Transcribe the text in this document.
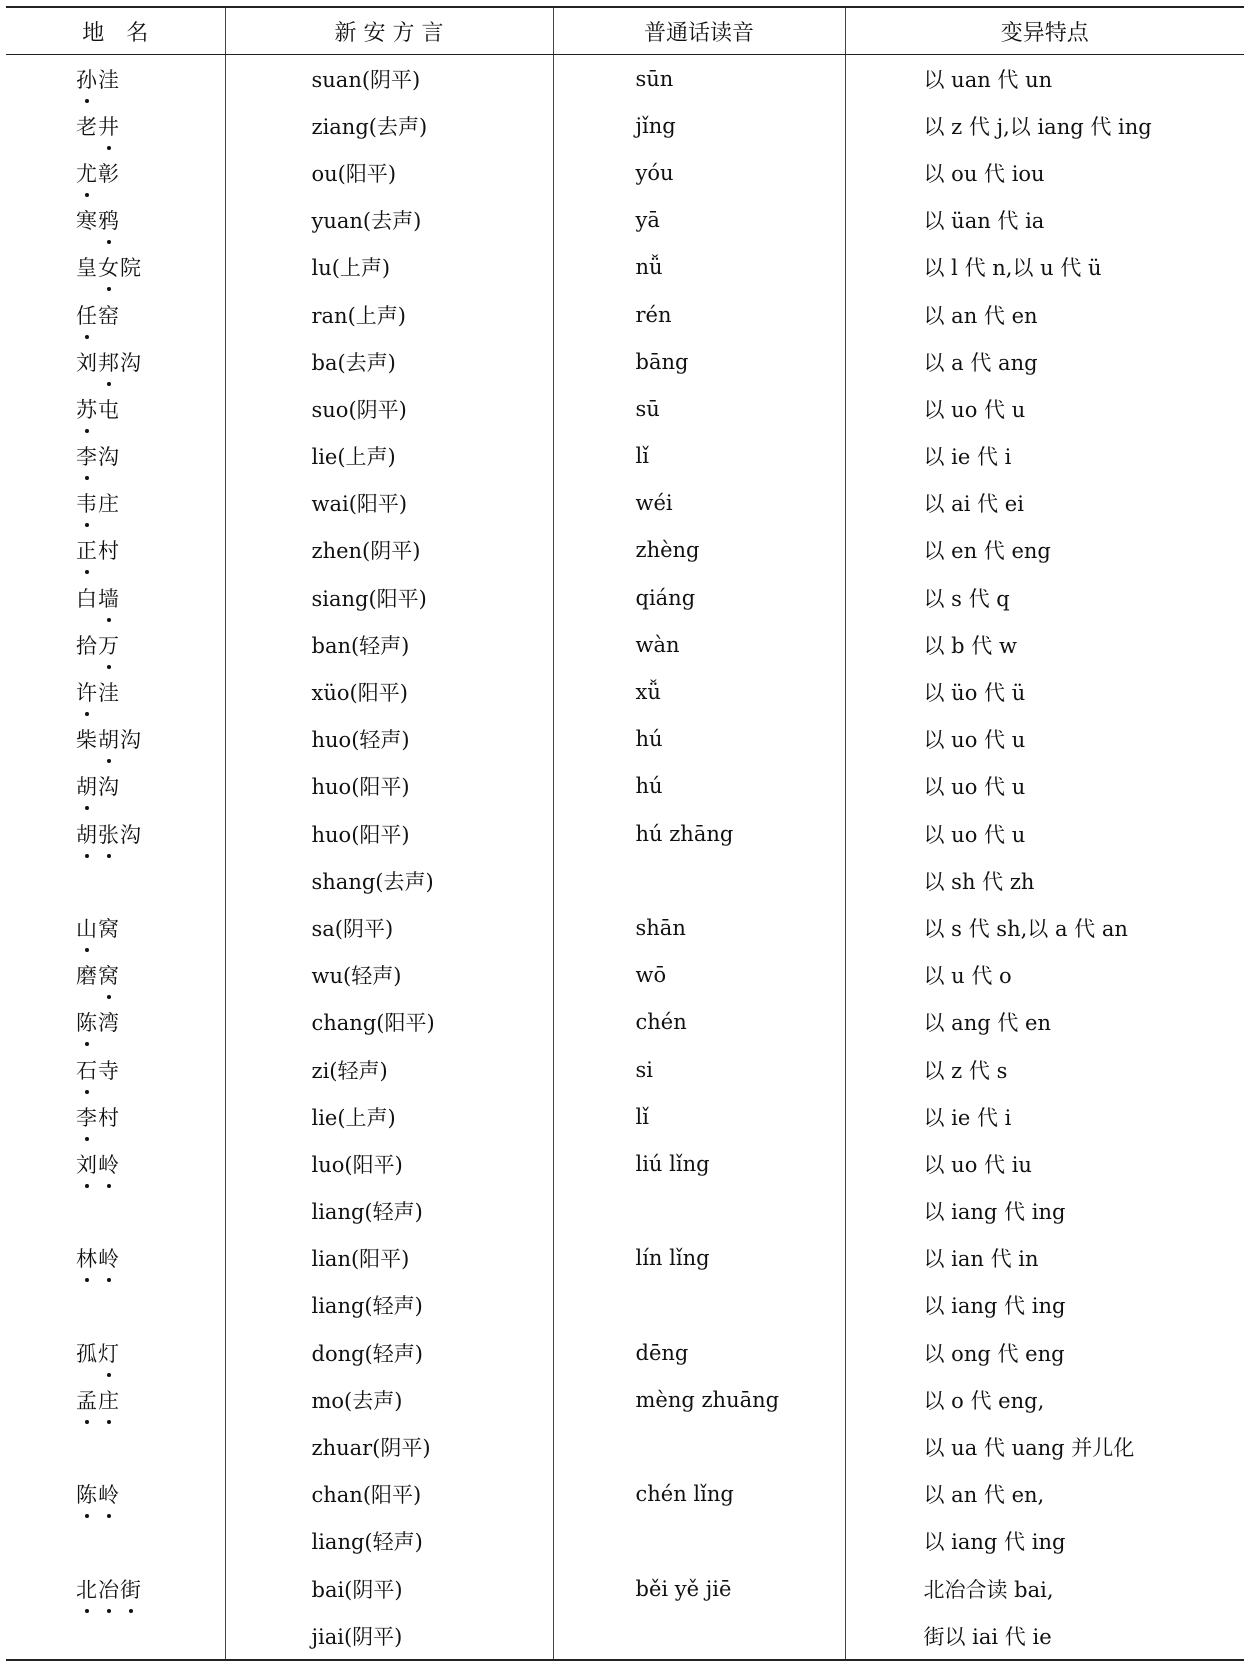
地　名	新 安 方 言	普通话读音	变异特点
孙洼	suan(阴平)	sūn	以 uan 代 un
老井	ziang(去声)	jǐng	以 z 代 j,以 iang 代 ing
尤彰	ou(阳平)	yóu	以 ou 代 iou
寒鸦	yuan(去声)	yā	以 üan 代 ia
皇女院	lu(上声)	nǚ	以 l 代 n,以 u 代 ü
任窑	ran(上声)	rén	以 an 代 en
刘邦沟	ba(去声)	bāng	以 a 代 ang
苏屯	suo(阴平)	sū	以 uo 代 u
李沟	lie(上声)	lǐ	以 ie 代 i
韦庄	wai(阳平)	wéi	以 ai 代 ei
正村	zhen(阴平)	zhèng	以 en 代 eng
白墙	siang(阳平)	qiáng	以 s 代 q
拾万	ban(轻声)	wàn	以 b 代 w
许洼	xüo(阳平)	xǚ	以 üo 代 ü
柴胡沟	huo(轻声)	hú	以 uo 代 u
胡沟	huo(阳平)	hú	以 uo 代 u
胡张沟	huo(阳平)	hú zhāng	以 uo 代 u
	shang(去声)		以 sh 代 zh
山窝	sa(阴平)	shān	以 s 代 sh,以 a 代 an
磨窝	wu(轻声)	wō	以 u 代 o
陈湾	chang(阳平)	chén	以 ang 代 en
石寺	zi(轻声)	si	以 z 代 s
李村	lie(上声)	lǐ	以 ie 代 i
刘岭	luo(阳平)	liú lǐng	以 uo 代 iu
	liang(轻声)		以 iang 代 ing
林岭	lian(阳平)	lín lǐng	以 ian 代 in
	liang(轻声)		以 iang 代 ing
孤灯	dong(轻声)	dēng	以 ong 代 eng
孟庄	mo(去声)	mèng zhuāng	以 o 代 eng,
	zhuar(阴平)		以 ua 代 uang 并儿化
陈岭	chan(阳平)	chén lǐng	以 an 代 en,
	liang(轻声)		以 iang 代 ing
北冶街	bai(阴平)	běi yě jiē	北冶合读 bai,
	jiai(阴平)		街以 iai 代 ie
